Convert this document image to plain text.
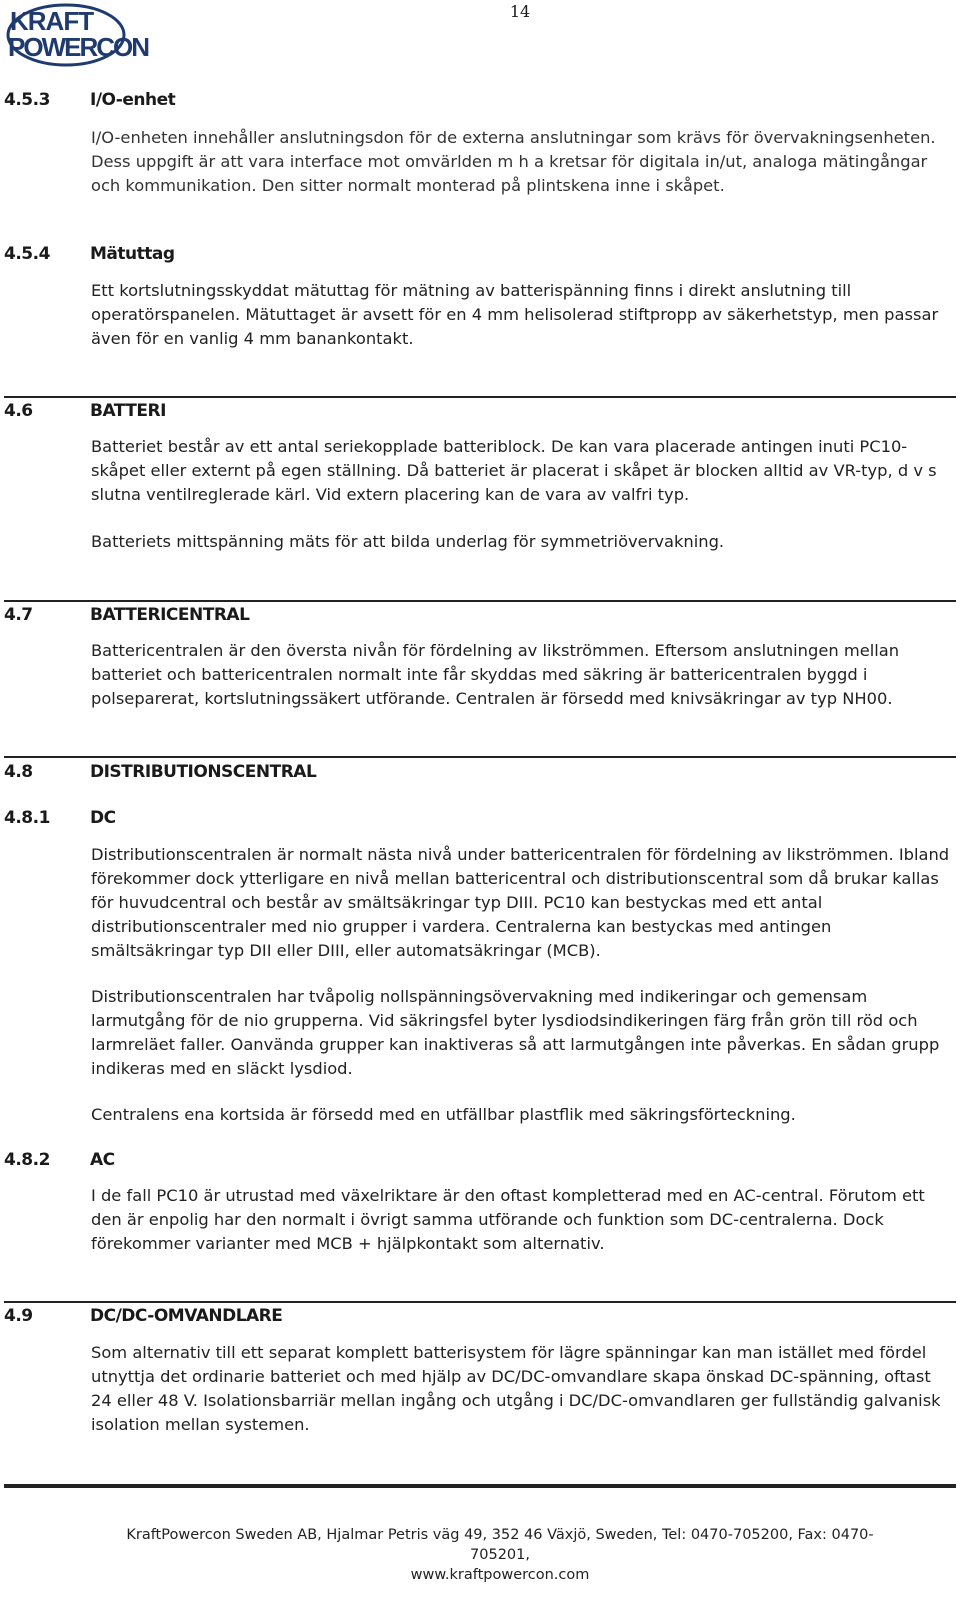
KRAFT
POWERCON
14
4.5.3 I/O-enhet
I/O-enheten innehåller anslutningsdon för de externa anslutningar som krävs för övervakningsenheten. Dess uppgift är att vara interface mot omvärlden m h a kretsar för digitala in/ut, analoga mätingångar och kommunikation. Den sitter normalt monterad på plintskena inne i skåpet.
4.5.4 Mätuttag
Ett kortslutningsskyddat mätuttag för mätning av batterispänning finns i direkt anslutning till operatörspanelen. Mätuttaget är avsett för en 4 mm helisolerad stiftpropp av säkerhetstyp, men passar även för en vanlig 4 mm banankontakt.
4.6	BATTERI
Batteriet består av ett antal seriekopplade batteriblock. De kan vara placerade antingen inuti PC10-skåpet eller externt på egen ställning. Då batteriet är placerat i skåpet är blocken alltid av VR-typ, d v s slutna ventilreglerade kärl. Vid extern placering kan de vara av valfri typ.
Batteriets mittspänning mäts för att bilda underlag för symmetriövervakning.
4.7	BATTERICENTRAL
Battericentralen är den översta nivån för fördelning av likströmmen. Eftersom anslutningen mellan batteriet och battericentralen normalt inte får skyddas med säkring är battericentralen byggd i polseparerat, kortslutningssäkert utförande. Centralen är försedd med knivsäkringar av typ NH00.
4.8	DISTRIBUTIONSCENTRAL
4.8.1 DC
Distributionscentralen är normalt nästa nivå under battericentralen för fördelning av likströmmen. Ibland förekommer dock ytterligare en nivå mellan battericentral och distributionscentral som då brukar kallas för huvudcentral och består av smältsäkringar typ DIII. PC10 kan bestyckas med ett antal distributionscentraler med nio grupper i vardera. Centralerna kan bestyckas med antingen smältsäkringar typ DII eller DIII, eller automatsäkringar (MCB).
Distributionscentralen har tvåpolig nollspänningsövervakning med indikeringar och gemensam larmutgång för de nio grupperna. Vid säkringsfel byter lysdiodsindikeringen färg från grön till röd och larmreläet faller. Oanvända grupper kan inaktiveras så att larmutgången inte påverkas. En sådan grupp indikeras med en släckt lysdiod.
Centralens ena kortsida är försedd med en utfällbar plastflik med säkringsförteckning.
4.8.2 AC
I de fall PC10 är utrustad med växelriktare är den oftast kompletterad med en AC-central. Förutom ett den är enpolig har den normalt i övrigt samma utförande och funktion som DC-centralerna. Dock förekommer varianter med MCB + hjälpkontakt som alternativ.
4.9	DC/DC-OMVANDLARE
Som alternativ till ett separat komplett batterisystem för lägre spänningar kan man istället med fördel utnyttja det ordinarie batteriet och med hjälp av DC/DC-omvandlare skapa önskad DC-spänning, oftast 24 eller 48 V. Isolationsbarriär mellan ingång och utgång i DC/DC-omvandlaren ger fullständig galvanisk isolation mellan systemen.
KraftPowercon Sweden AB, Hjalmar Petris väg 49, 352 46 Växjö, Sweden, Tel: 0470-705200, Fax: 0470-705201,
www.kraftpowercon.com
